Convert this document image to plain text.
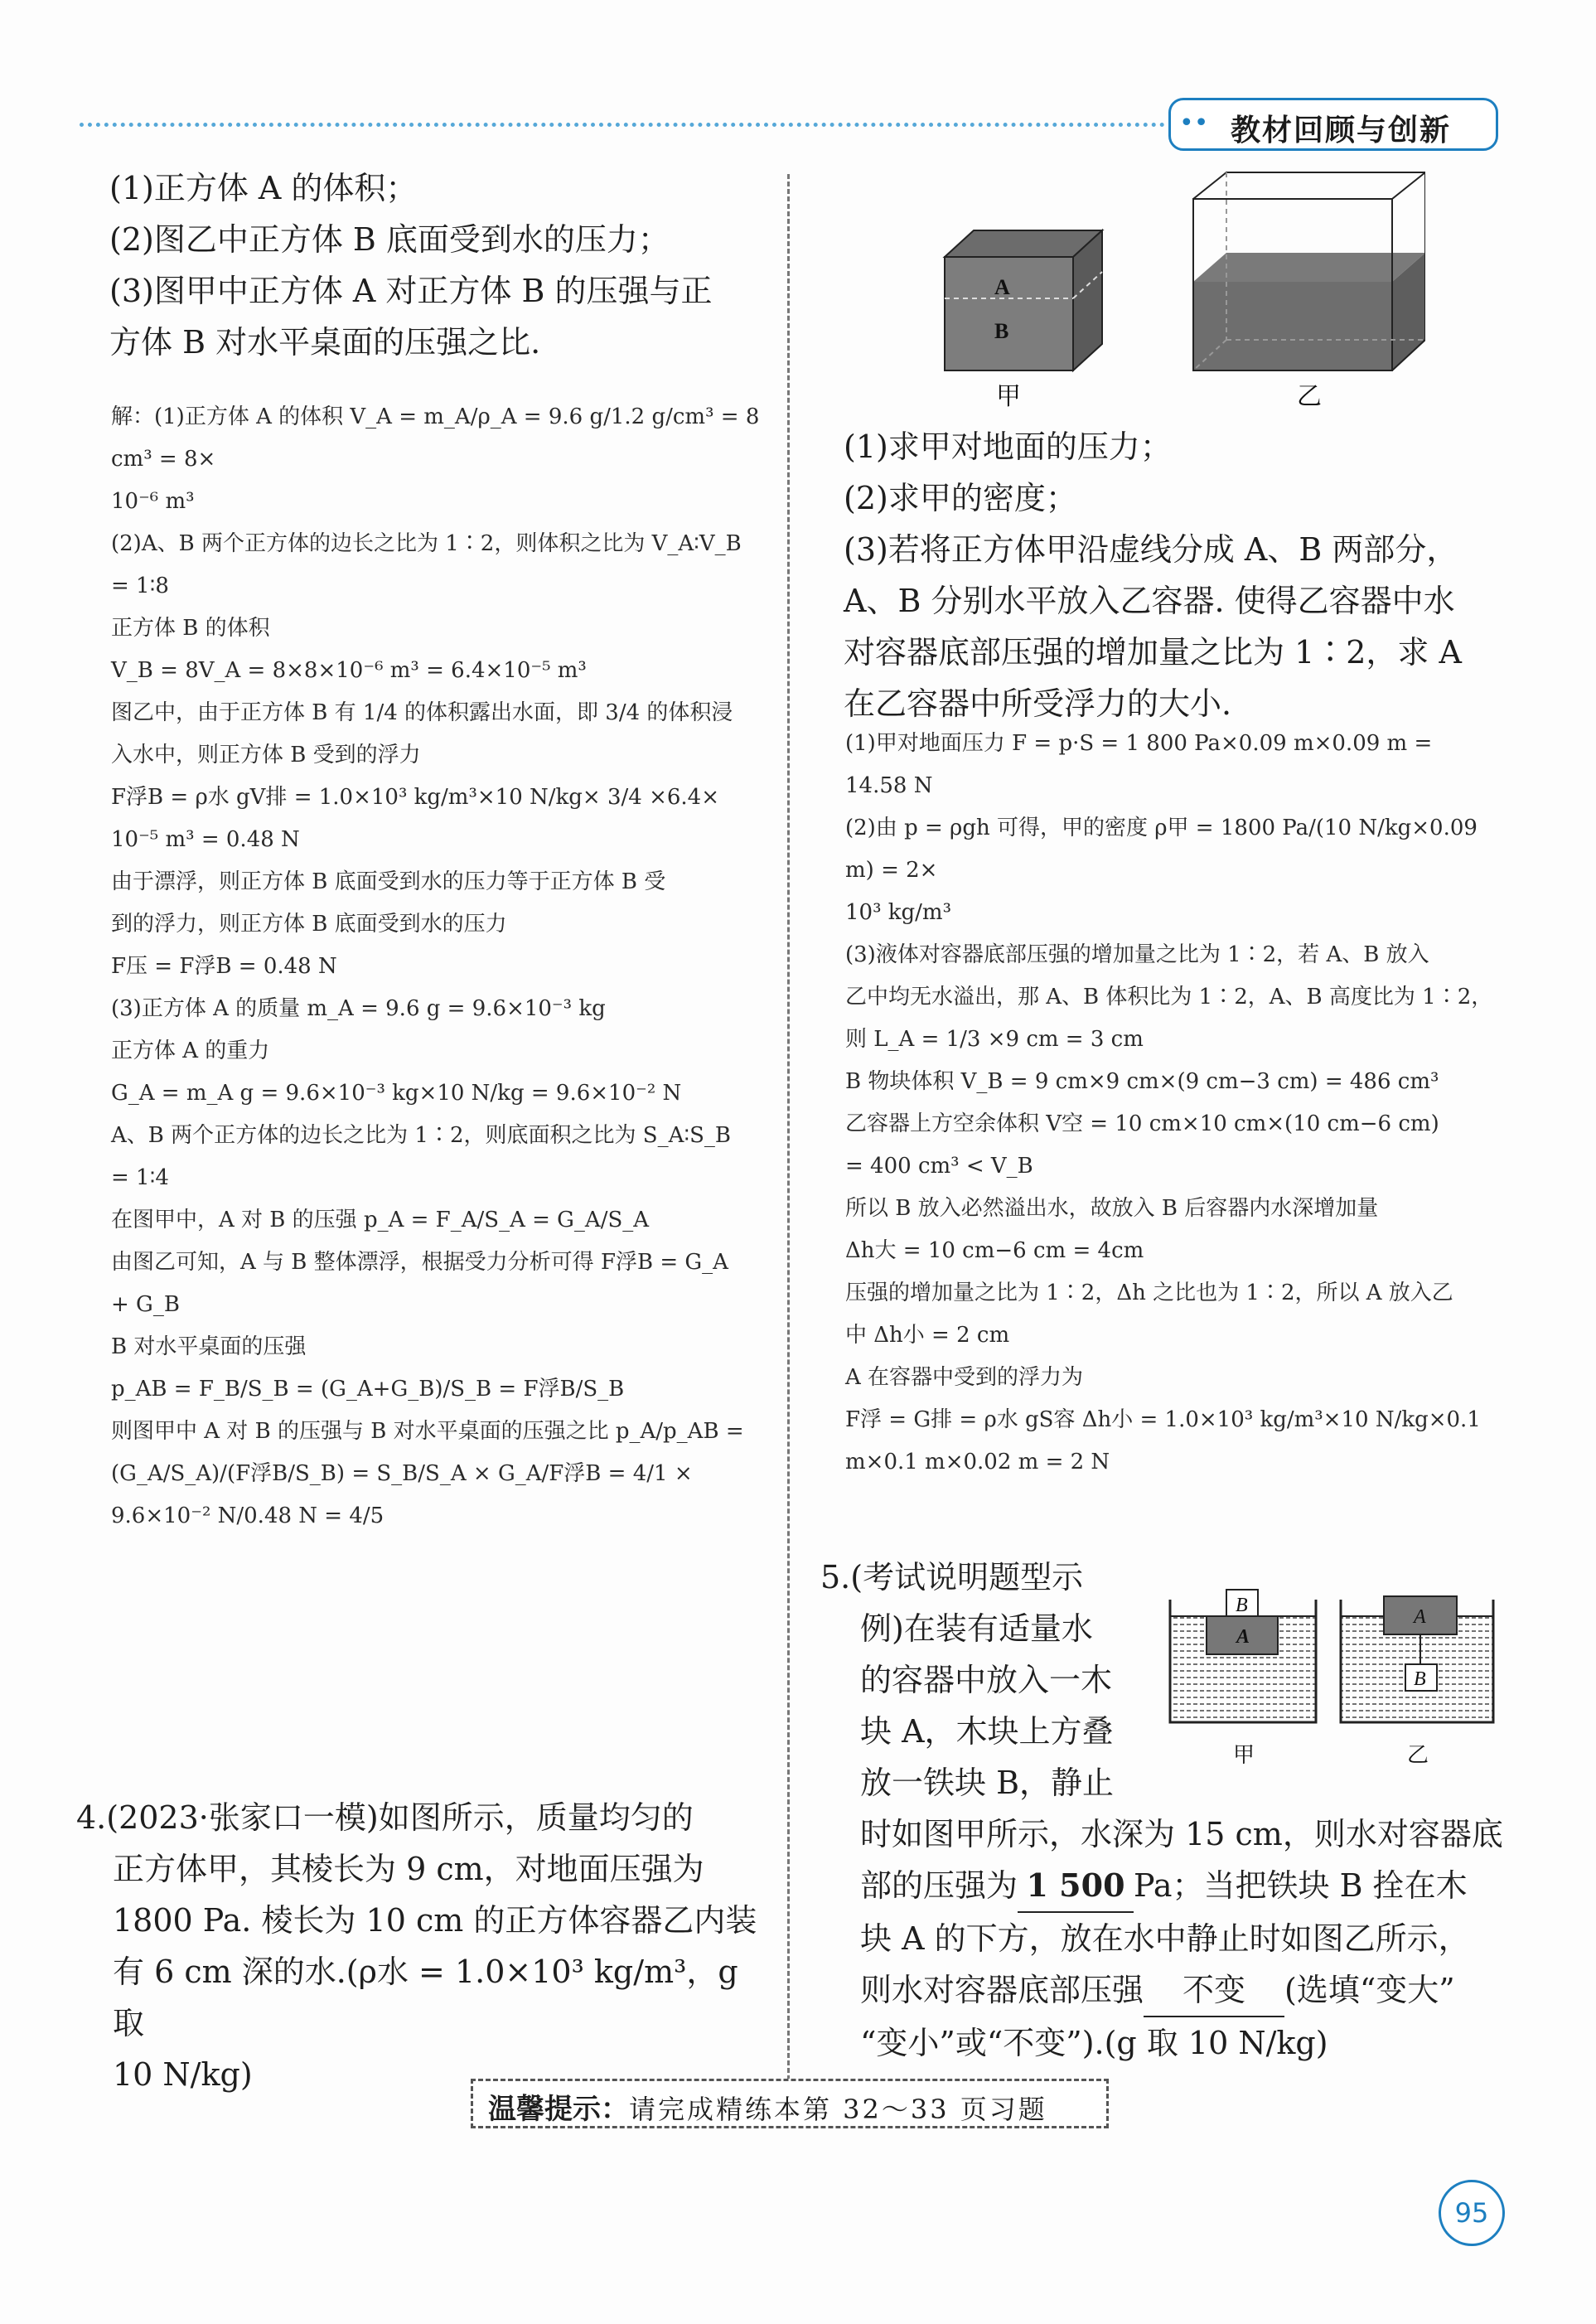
•• 教材回顾与创新
(1)正方体 A 的体积；
(2)图乙中正方体 B 底面受到水的压力；
(3)图甲中正方体 A 对正方体 B 的压强与正
方体 B 对水平桌面的压强之比.
解：(1)正方体 A 的体积 V_A = m_A/ρ_A = 9.6 g/1.2 g/cm³ = 8 cm³ = 8×
10⁻⁶ m³
(2)A、B 两个正方体的边长之比为 1∶2，则体积之比为 V_A∶V_B
= 1∶8
正方体 B 的体积
V_B = 8V_A = 8×8×10⁻⁶ m³ = 6.4×10⁻⁵ m³
图乙中，由于正方体 B 有 1/4 的体积露出水面，即 3/4 的体积浸
入水中，则正方体 B 受到的浮力
F浮B = ρ水 gV排 = 1.0×10³ kg/m³×10 N/kg× 3/4 ×6.4×
10⁻⁵ m³ = 0.48 N
由于漂浮，则正方体 B 底面受到水的压力等于正方体 B 受
到的浮力，则正方体 B 底面受到水的压力
F压 = F浮B = 0.48 N
(3)正方体 A 的质量 m_A = 9.6 g = 9.6×10⁻³ kg
正方体 A 的重力
G_A = m_A g = 9.6×10⁻³ kg×10 N/kg = 9.6×10⁻² N
A、B 两个正方体的边长之比为 1∶2，则底面积之比为 S_A∶S_B
= 1∶4
在图甲中，A 对 B 的压强 p_A = F_A/S_A = G_A/S_A
由图乙可知，A 与 B 整体漂浮，根据受力分析可得 F浮B = G_A
+ G_B
B 对水平桌面的压强
p_AB = F_B/S_B = (G_A+G_B)/S_B = F浮B/S_B
则图甲中 A 对 B 的压强与 B 对水平桌面的压强之比 p_A/p_AB =
(G_A/S_A)/(F浮B/S_B) = S_B/S_A × G_A/F浮B = 4/1 × 9.6×10⁻² N/0.48 N = 4/5
4.(2023·张家口一模)如图所示，质量均匀的
正方体甲，其棱长为 9 cm，对地面压强为
1800 Pa. 棱长为 10 cm 的正方体容器乙内装
有 6 cm 深的水.(ρ水 = 1.0×10³ kg/m³，g 取
10 N/kg)
A
B
甲	乙
(1)求甲对地面的压力；
(2)求甲的密度；
(3)若将正方体甲沿虚线分成 A、B 两部分，
A、B 分别水平放入乙容器. 使得乙容器中水
对容器底部压强的增加量之比为 1∶2，求 A
在乙容器中所受浮力的大小.
(1)甲对地面压力 F = p·S = 1 800 Pa×0.09 m×0.09 m =
14.58 N
(2)由 p = ρgh 可得，甲的密度 ρ甲 = 1800 Pa/(10 N/kg×0.09 m) = 2×
10³ kg/m³
(3)液体对容器底部压强的增加量之比为 1∶2，若 A、B 放入
乙中均无水溢出，那 A、B 体积比为 1∶2，A、B 高度比为 1∶2，
则 L_A = 1/3 ×9 cm = 3 cm
B 物块体积 V_B = 9 cm×9 cm×(9 cm−3 cm) = 486 cm³
乙容器上方空余体积 V空 = 10 cm×10 cm×(10 cm−6 cm)
= 400 cm³ < V_B
所以 B 放入必然溢出水，故放入 B 后容器内水深增加量
Δh大 = 10 cm−6 cm = 4cm
压强的增加量之比为 1∶2，Δh 之比也为 1∶2，所以 A 放入乙
中 Δh小 = 2 cm
A 在容器中受到的浮力为
F浮 = G排 = ρ水 gS容 Δh小 = 1.0×10³ kg/m³×10 N/kg×0.1
m×0.1 m×0.02 m = 2 N
5.(考试说明题型示
例)在装有适量水
的容器中放入一木
块 A，木块上方叠
放一铁块 B，静止
A
B
A
B
甲	乙
时如图甲所示，水深为 15 cm，则水对容器底
部的压强为 1 500 Pa；当把铁块 B 拴在木
块 A 的下方，放在水中静止时如图乙所示，
则水对容器底部压强 不变 (选填“变大”
“变小”或“不变”).(g 取 10 N/kg)
温馨提示：请完成精练本第 32～33 页习题
95
